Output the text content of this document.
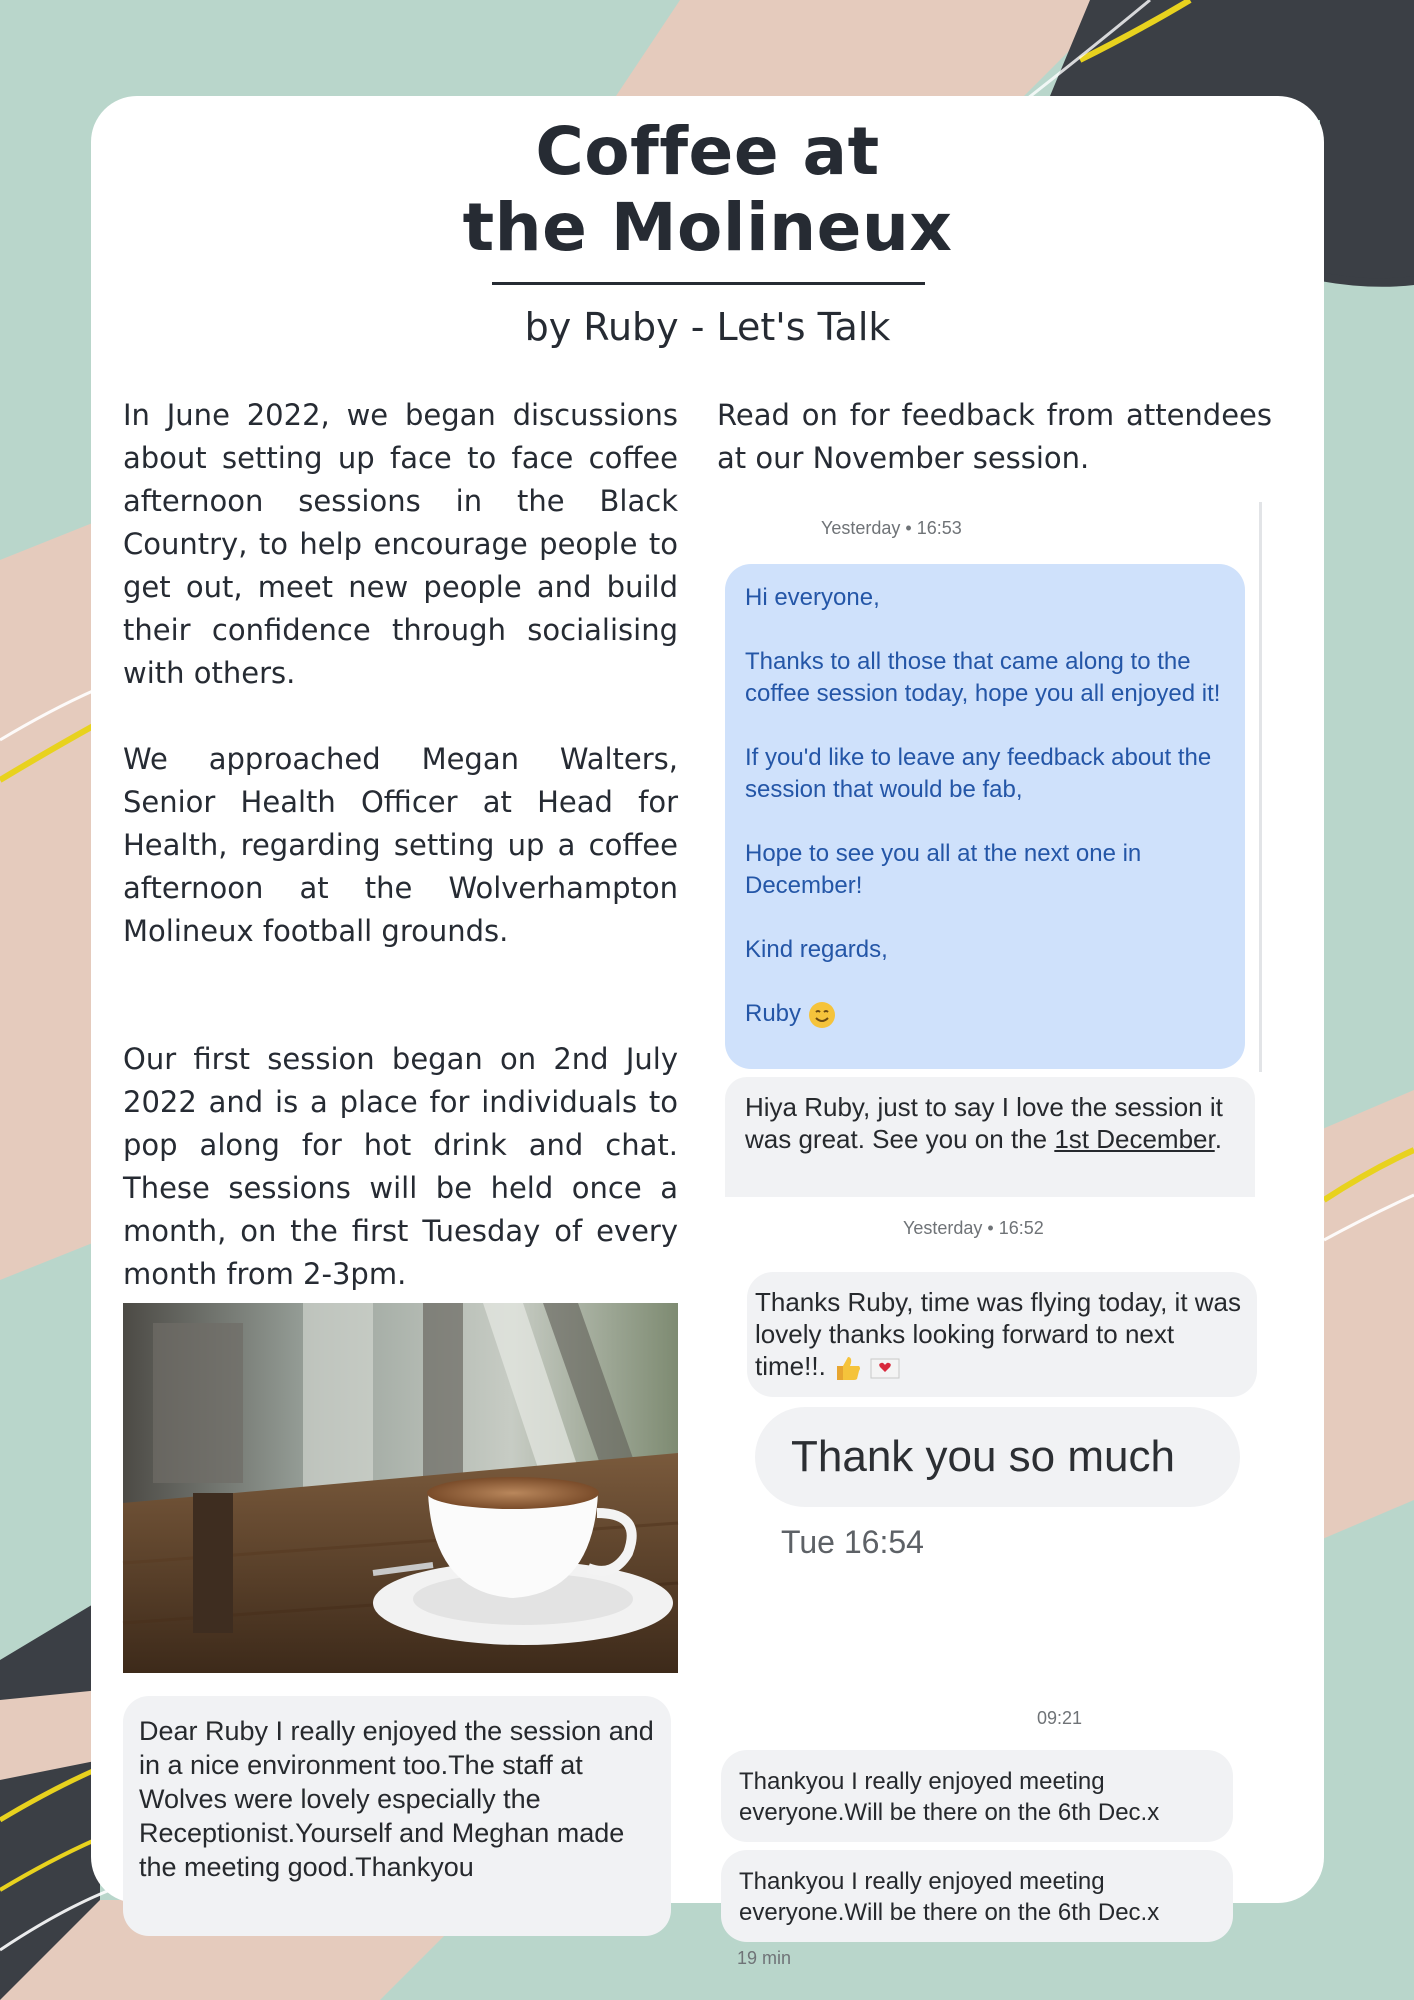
Coffee at
the Molineux
by Ruby - Let's Talk

In June 2022, we began discussions about setting up face to face coffee afternoon sessions in the Black Country, to help encourage people to get out, meet new people and build their confidence through socialising with others.

We approached Megan Walters, Senior Health Officer at Head for Health, regarding setting up a coffee afternoon at the Wolverhampton Molineux football grounds.

Our first session began on 2nd July 2022 and is a place for individuals to pop along for hot drink and chat. These sessions will be held once a month, on the first Tuesday of every month from 2-3pm.

Read on for feedback from attendees at our November session.

Dear Ruby I really enjoyed the session and in a nice environment too.The staff at Wolves were lovely especially the Receptionist.Yourself and Meghan made the meeting good.Thankyou
Yesterday • 16:53

Hi everyone,

Thanks to all those that came along to the coffee session today, hope you all enjoyed it!

If you'd like to leave any feedback about the session that would be fab,

Hope to see you all at the next one in December!

Kind regards,

Ruby

Hiya Ruby, just to say I love the session it was great. See you on the 1st December.
Yesterday • 16:52
Thanks Ruby, time was flying today, it was lovely thanks looking forward to next time!!.
Thank you so much
Tue 16:54
09:21
Thankyou I really enjoyed meeting everyone.Will be there on the 6th Dec.x
Thankyou I really enjoyed meeting everyone.Will be there on the 6th Dec.x
19 min
